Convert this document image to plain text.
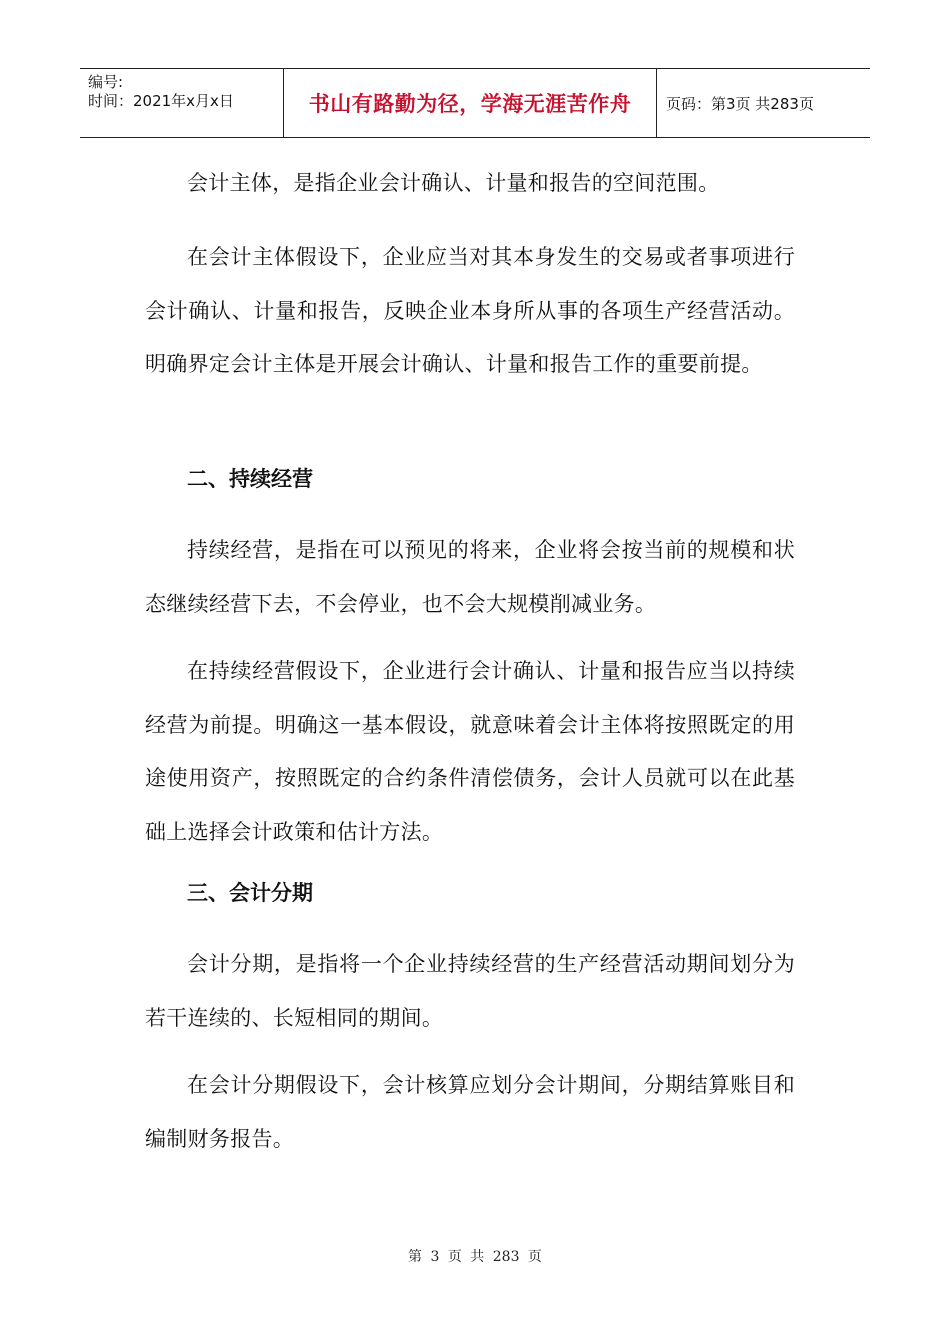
编号:
时间：2021年x月x日	书山有路勤为径，学海无涯苦作舟 页码：第3页 共283页

会计主体，是指企业会计确认、计量和报告的空间范围。

在会计主体假设下，企业应当对其本身发生的交易或者事项进行会计确认、计量和报告，反映企业本身所从事的各项生产经营活动。明确界定会计主体是开展会计确认、计量和报告工作的重要前提。

二、持续经营

持续经营，是指在可以预见的将来，企业将会按当前的规模和状态继续经营下去，不会停业，也不会大规模削减业务。

在持续经营假设下，企业进行会计确认、计量和报告应当以持续经营为前提。明确这一基本假设，就意味着会计主体将按照既定的用途使用资产，按照既定的合约条件清偿债务，会计人员就可以在此基础上选择会计政策和估计方法。

三、会计分期

会计分期，是指将一个企业持续经营的生产经营活动期间划分为若干连续的、长短相同的期间。

在会计分期假设下，会计核算应划分会计期间，分期结算账目和编制财务报告。

第 3 页 共 283 页
